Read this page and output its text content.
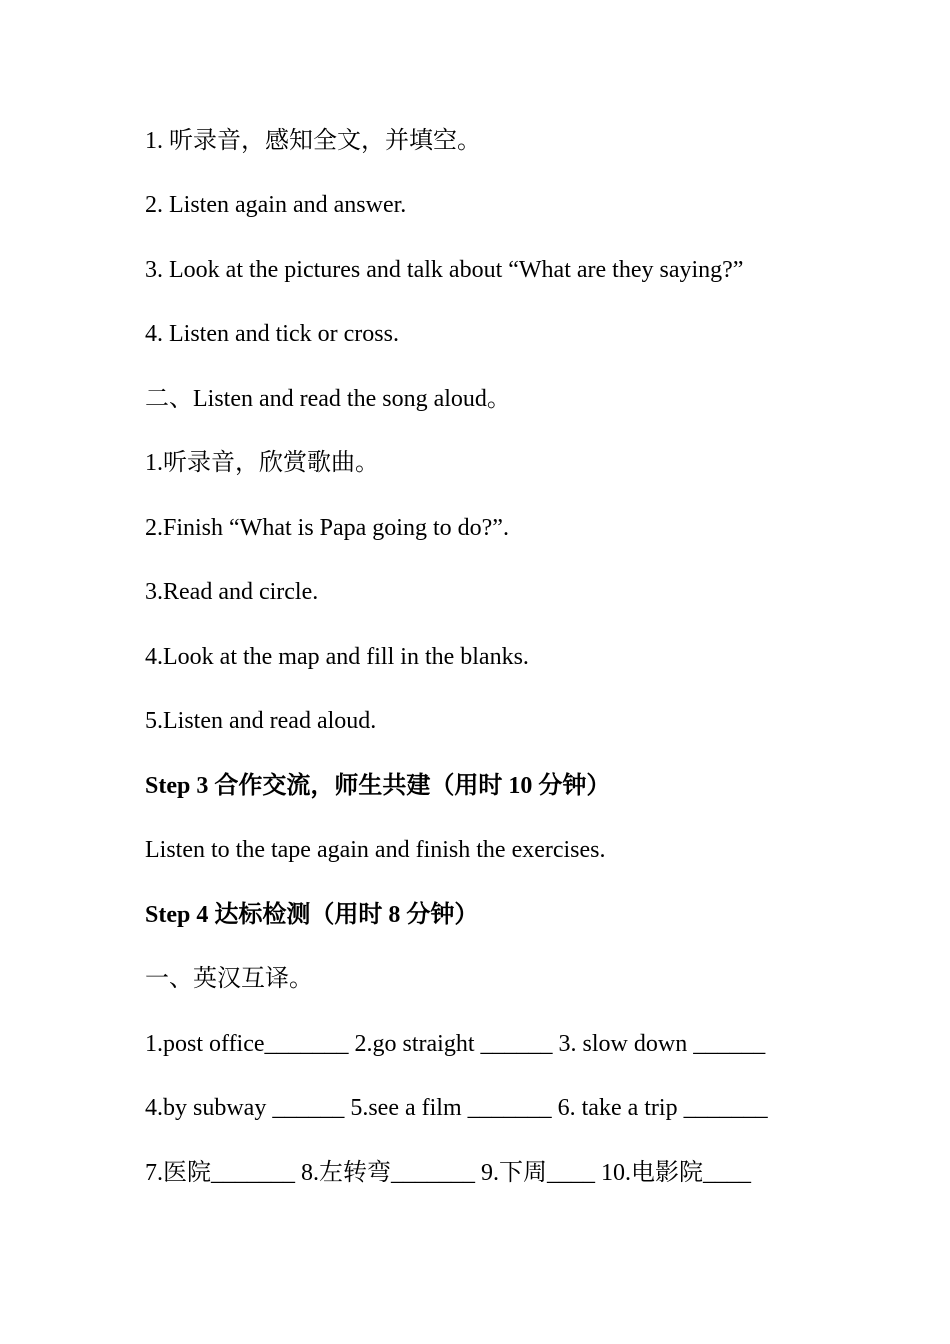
1. 听录音，感知全文，并填空。
2. Listen again and answer.
3. Look at the pictures and talk about “What are they saying?”
4. Listen and tick or cross.
二、Listen and read the song aloud。
1.听录音，欣赏歌曲。
2.Finish “What is Papa going to do?”.
3.Read and circle.
4.Look at the map and fill in the blanks.
5.Listen and read aloud.
Step 3 合作交流，师生共建（用时 10 分钟）
Listen to the tape again and finish the exercises.
Step 4 达标检测（用时 8 分钟）
一、英汉互译。
1.post office_______ 2.go straight ______ 3. slow down ______
4.by subway ______ 5.see a film _______ 6. take a trip _______
7.医院_______ 8.左转弯_______ 9.下周____ 10.电影院____
